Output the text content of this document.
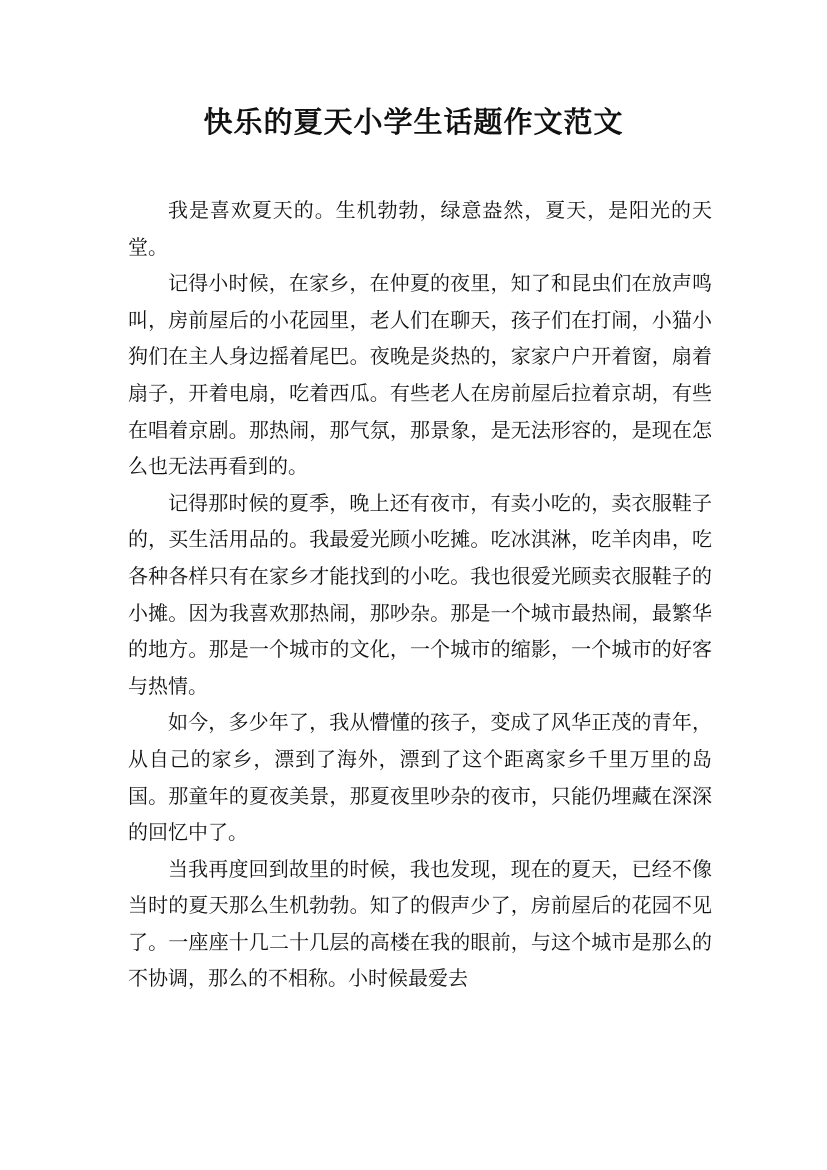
快乐的夏天小学生话题作文范文

我是喜欢夏天的。生机勃勃，绿意盎然，夏天，是阳光的天堂。

记得小时候，在家乡，在仲夏的夜里，知了和昆虫们在放声鸣叫，房前屋后的小花园里，老人们在聊天，孩子们在打闹，小猫小狗们在主人身边摇着尾巴。夜晚是炎热的，家家户户开着窗，扇着扇子，开着电扇，吃着西瓜。有些老人在房前屋后拉着京胡，有些在唱着京剧。那热闹，那气氛，那景象，是无法形容的，是现在怎么也无法再看到的。

记得那时候的夏季，晚上还有夜市，有卖小吃的，卖衣服鞋子的，买生活用品的。我最爱光顾小吃摊。吃冰淇淋，吃羊肉串，吃各种各样只有在家乡才能找到的小吃。我也很爱光顾卖衣服鞋子的小摊。因为我喜欢那热闹，那吵杂。那是一个城市最热闹，最繁华的地方。那是一个城市的文化，一个城市的缩影，一个城市的好客与热情。

如今，多少年了，我从懵懂的孩子，变成了风华正茂的青年，从自己的家乡，漂到了海外，漂到了这个距离家乡千里万里的岛国。那童年的夏夜美景，那夏夜里吵杂的夜市，只能仍埋藏在深深的回忆中了。

当我再度回到故里的时候，我也发现，现在的夏天，已经不像当时的夏天那么生机勃勃。知了的假声少了，房前屋后的花园不见了。一座座十几二十几层的高楼在我的眼前，与这个城市是那么的不协调，那么的不相称。小时候最爱去
